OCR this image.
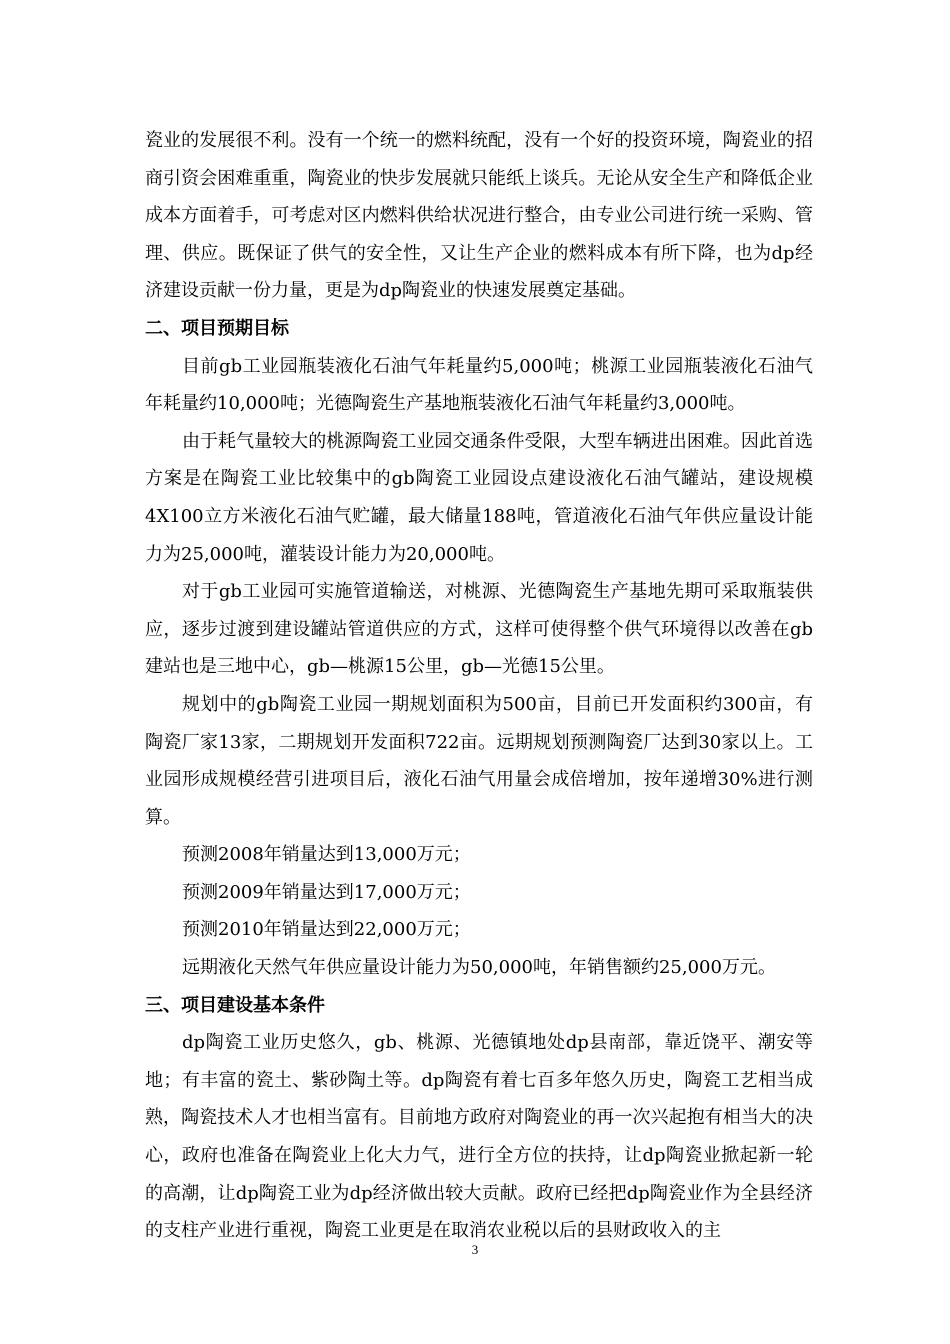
瓷业的发展很不利。没有一个统一的燃料统配，没有一个好的投资环境，陶瓷业的招商引资会困难重重，陶瓷业的快步发展就只能纸上谈兵。无论从安全生产和降低企业成本方面着手，可考虑对区内燃料供给状况进行整合，由专业公司进行统一采购、管理、供应。既保证了供气的安全性，又让生产企业的燃料成本有所下降，也为dp经济建设贡献一份力量，更是为dp陶瓷业的快速发展奠定基础。

二、项目预期目标

目前gb工业园瓶装液化石油气年耗量约5,000吨；桃源工业园瓶装液化石油气年耗量约10,000吨；光德陶瓷生产基地瓶装液化石油气年耗量约3,000吨。

由于耗气量较大的桃源陶瓷工业园交通条件受限，大型车辆进出困难。因此首选方案是在陶瓷工业比较集中的gb陶瓷工业园设点建设液化石油气罐站，建设规模4X100立方米液化石油气贮罐，最大储量188吨，管道液化石油气年供应量设计能力为25,000吨，灌装设计能力为20,000吨。

对于gb工业园可实施管道输送，对桃源、光德陶瓷生产基地先期可采取瓶装供应，逐步过渡到建设罐站管道供应的方式，这样可使得整个供气环境得以改善在gb建站也是三地中心，gb—桃源15公里，gb—光德15公里。

规划中的gb陶瓷工业园一期规划面积为500亩，目前已开发面积约300亩，有陶瓷厂家13家，二期规划开发面积722亩。远期规划预测陶瓷厂达到30家以上。工业园形成规模经营引进项目后，液化石油气用量会成倍增加，按年递增30%进行测算。

预测2008年销量达到13,000万元；

预测2009年销量达到17,000万元；

预测2010年销量达到22,000万元；

远期液化天然气年供应量设计能力为50,000吨，年销售额约25,000万元。

三、项目建设基本条件

dp陶瓷工业历史悠久，gb、桃源、光德镇地处dp县南部，靠近饶平、潮安等地；有丰富的瓷土、紫砂陶土等。dp陶瓷有着七百多年悠久历史，陶瓷工艺相当成熟，陶瓷技术人才也相当富有。目前地方政府对陶瓷业的再一次兴起抱有相当大的决心，政府也准备在陶瓷业上化大力气，进行全方位的扶持，让dp陶瓷业掀起新一轮的高潮，让dp陶瓷工业为dp经济做出较大贡献。政府已经把dp陶瓷业作为全县经济的支柱产业进行重视，陶瓷工业更是在取消农业税以后的县财政收入的主

3
